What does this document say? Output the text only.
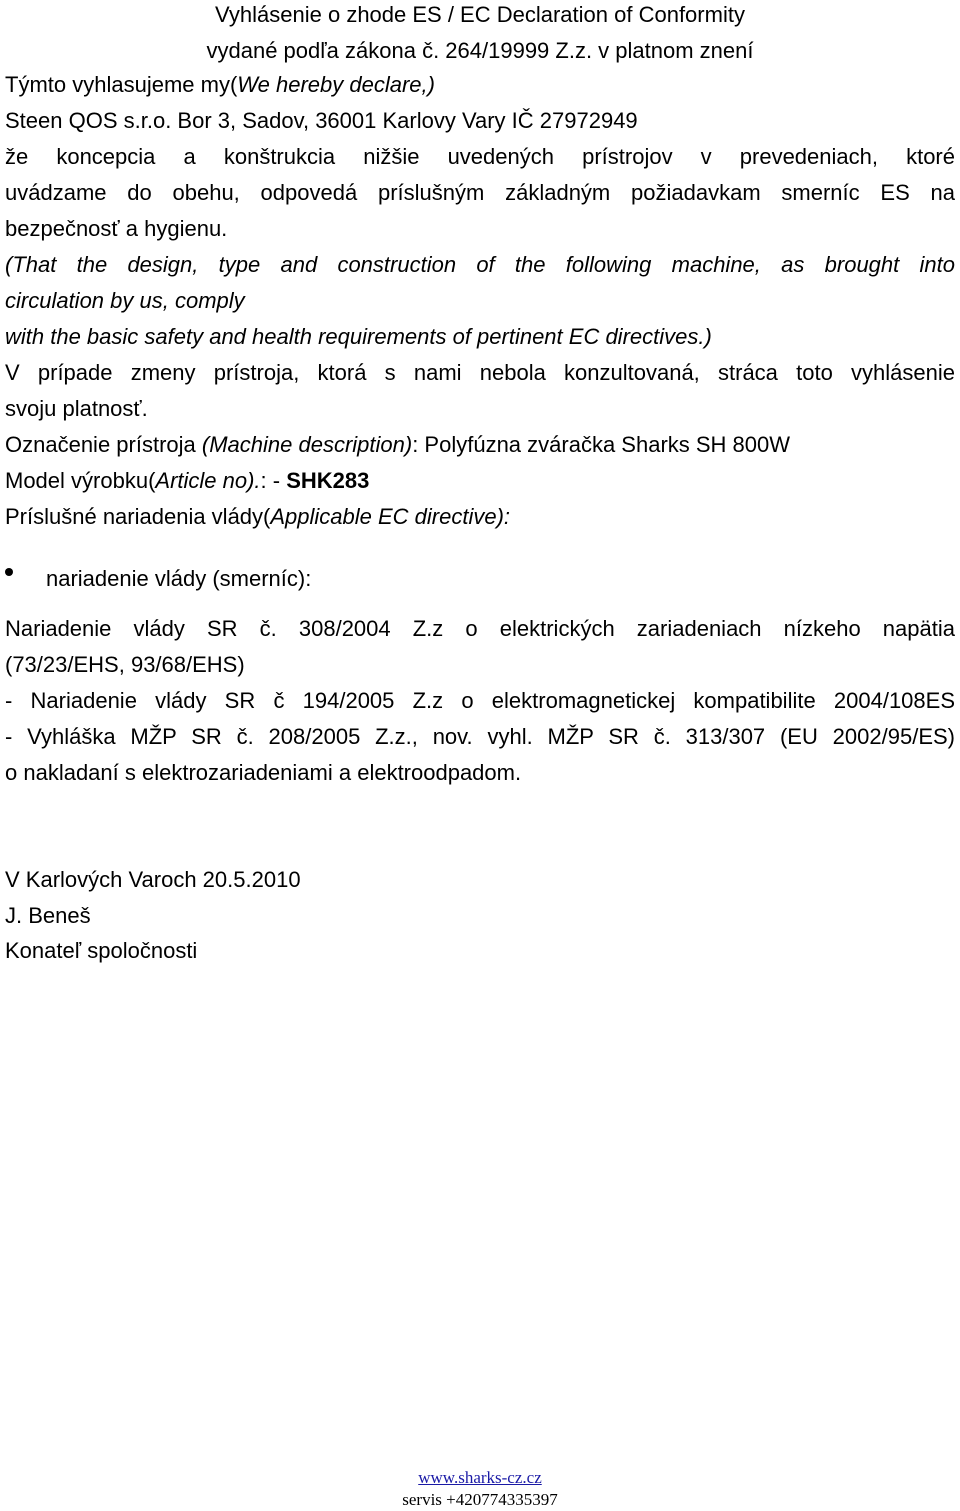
Vyhlásenie o zhode ES / EC Declaration of Conformity
vydané podľa zákona č. 264/19999 Z.z. v platnom znení
Týmto vyhlasujeme my(We hereby declare,)
Steen QOS s.r.o. Bor 3, Sadov, 36001 Karlovy Vary IČ 27972949
že koncepcia a konštrukcia nižšie uvedených prístrojov v prevedeniach, ktoré
uvádzame do obehu, odpovedá príslušným základným požiadavkam smerníc ES na
bezpečnosť a hygienu.
(That the design, type and construction of the following machine, as brought into
circulation by us, comply
with the basic safety and health requirements of pertinent EC directives.)
V prípade zmeny prístroja, ktorá s nami nebola konzultovaná, stráca toto vyhlásenie
svoju platnosť.
Označenie prístroja (Machine description): Polyfúzna zváračka Sharks SH 800W
Model výrobku(Article no).: - SHK283
Príslušné nariadenia vlády(Applicable EC directive):
nariadenie vlády (smerníc):
Nariadenie vlády SR č. 308/2004 Z.z o elektrických zariadeniach nízkeho napätia
(73/23/EHS, 93/68/EHS)
- Nariadenie vlády SR č 194/2005 Z.z o elektromagnetickej kompatibilite 2004/108ES
- Vyhláška MŽP SR č. 208/2005 Z.z., nov. vyhl. MŽP SR č. 313/307 (EU 2002/95/ES)
o nakladaní s elektrozariadeniami a elektroodpadom.
V Karlových Varoch 20.5.2010
J. Beneš
Konateľ spoločnosti
www.sharks-cz.cz
servis +420774335397
